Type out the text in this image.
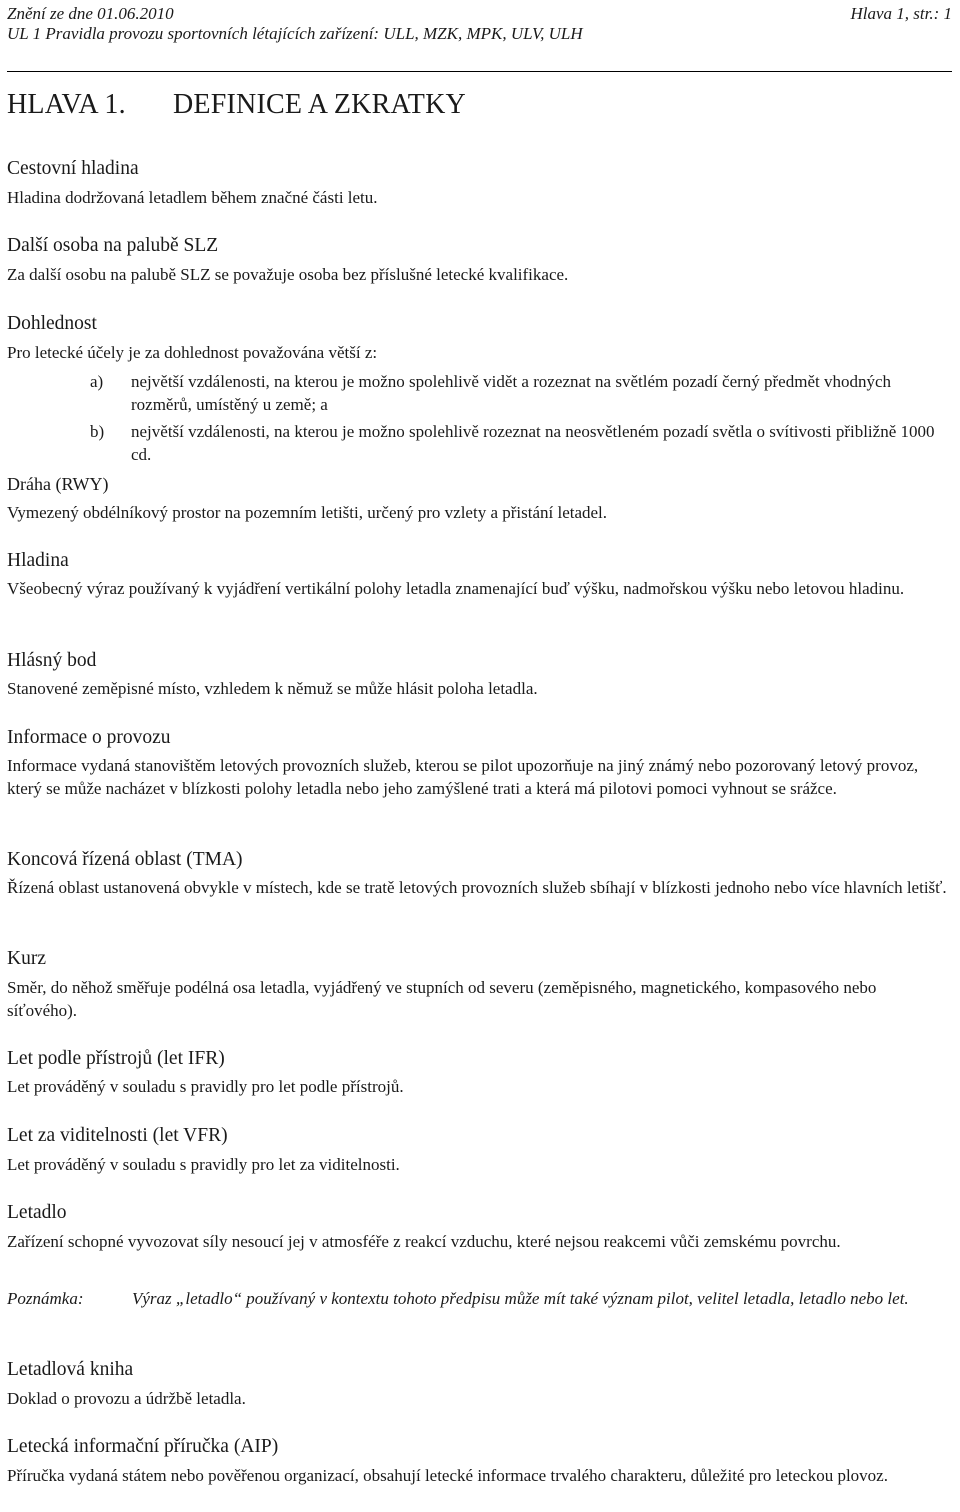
Znění ze dne 01.06.2010	Hlava 1, str.: 1
UL 1 Pravidla provozu sportovních létajících zařízení: ULL, MZK, MPK, ULV, ULH
HLAVA 1. DEFINICE A ZKRATKY
Cestovní hladina
Hladina dodržovaná letadlem během značné části letu.
Další osoba na palubě SLZ
Za další osobu na palubě SLZ se považuje osoba bez příslušné letecké kvalifikace.
Dohlednost
Pro letecké účely je za dohlednost považována větší z:
a) největší vzdálenosti, na kterou je možno spolehlivě vidět a rozeznat na světlém pozadí černý předmět vhodných rozměrů, umístěný u země; a
b) největší vzdálenosti, na kterou je možno spolehlivě rozeznat na neosvětleném pozadí světla o svítivosti přibližně 1000 cd.
Dráha (RWY)
Vymezený obdélníkový prostor na pozemním letišti, určený pro vzlety a přistání letadel.
Hladina
Všeobecný výraz používaný k vyjádření vertikální polohy letadla znamenající buď výšku, nadmořskou výšku nebo letovou hladinu.
Hlásný bod
Stanovené zeměpisné místo, vzhledem k němuž se může hlásit poloha letadla.
Informace o provozu
Informace vydaná stanovištěm letových provozních služeb, kterou se pilot upozorňuje na jiný známý nebo pozorovaný letový provoz, který se může nacházet v blízkosti polohy letadla nebo jeho zamýšlené trati a která má pilotovi pomoci vyhnout se srážce.
Koncová řízená oblast (TMA)
Řízená oblast ustanovená obvykle v místech, kde se tratě letových provozních služeb sbíhají v blízkosti jednoho nebo více hlavních letišť.
Kurz
Směr, do něhož směřuje podélná osa letadla, vyjádřený ve stupních od severu (zeměpisného, magnetického, kompasového nebo síťového).
Let podle přístrojů (let IFR)
Let prováděný v souladu s pravidly pro let podle přístrojů.
Let za viditelnosti (let VFR)
Let prováděný v souladu s pravidly pro let za viditelnosti.
Letadlo
Zařízení schopné vyvozovat síly nesoucí jej v atmosféře z reakcí vzduchu, které nejsou reakcemi vůči zemskému povrchu.
Poznámka:	Výraz „letadlo“ používaný v kontextu tohoto předpisu může mít také význam pilot, velitel letadla, letadlo nebo let.
Letadlová kniha
Doklad o provozu a údržbě letadla.
Letecká informační příručka (AIP)
Příručka vydaná státem nebo pověřenou organizací, obsahují letecké informace trvalého charakteru, důležité pro leteckou plovoz.
